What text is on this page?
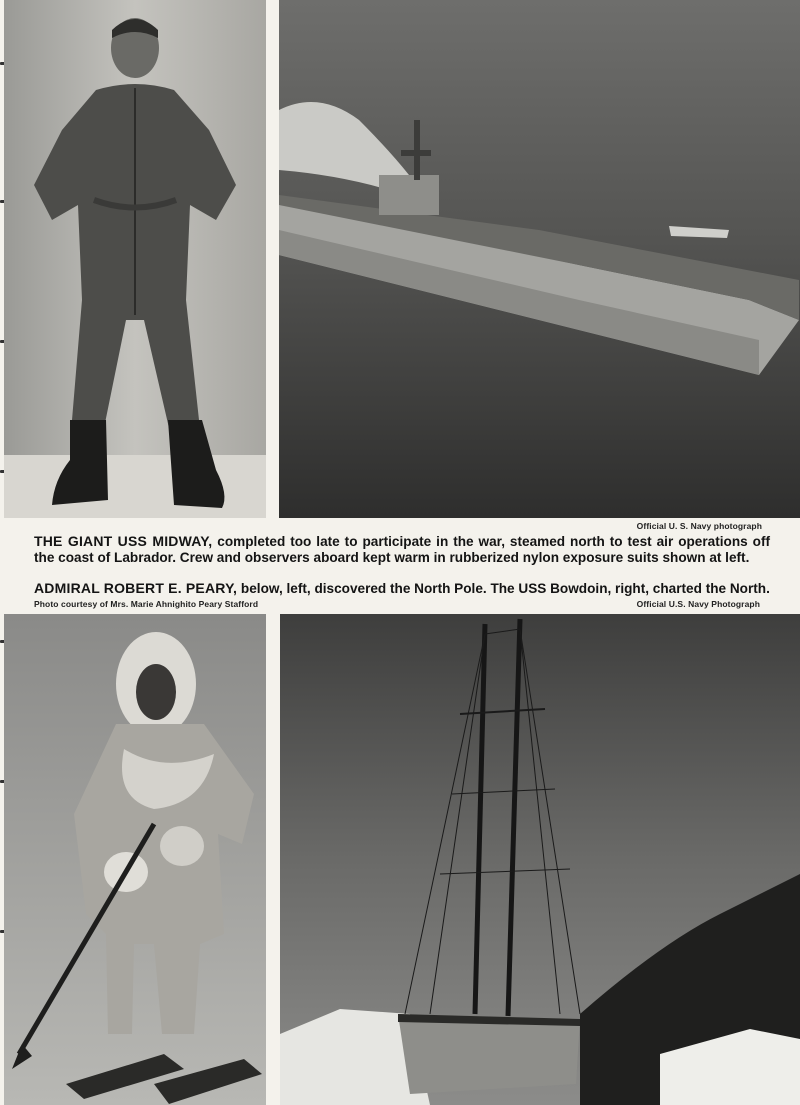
Official U. S. Navy photograph

THE GIANT USS MIDWAY, completed too late to participate in the war, steamed north to test air operations off the coast of Labrador. Crew and observers aboard kept warm in rubberized nylon exposure suits shown at left.

ADMIRAL ROBERT E. PEARY, below, left, discovered the North Pole. The USS Bowdoin, right, charted the North.

Photo courtesy of Mrs. Marie Ahnighito Peary Stafford	Official U.S. Navy Photograph
